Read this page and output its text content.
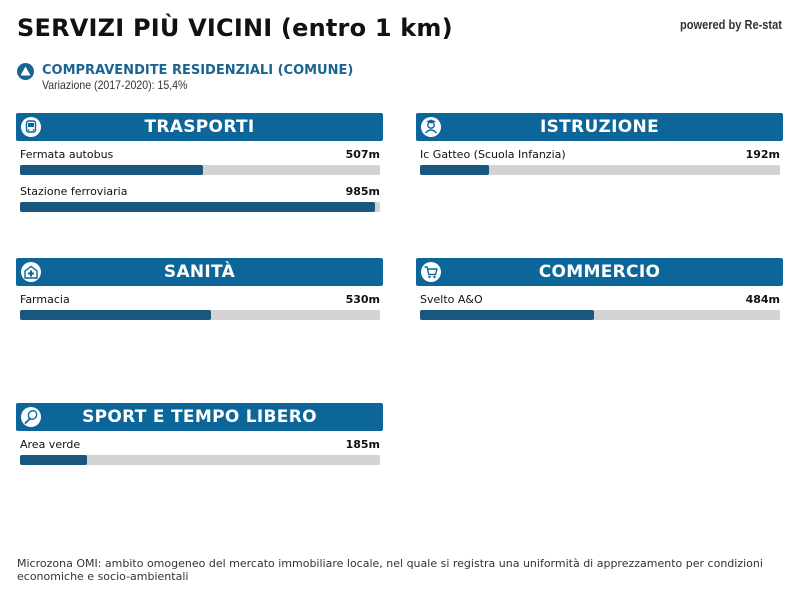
SERVIZI PIÙ VICINI (entro 1 km)	powered by Re-stat
COMPRAVENDITE RESIDENZIALI (COMUNE)
Variazione (2017-2020): 15,4%
TRASPORTI
Fermata autobus	507m
Stazione ferroviaria	985m
ISTRUZIONE
Ic Gatteo (Scuola Infanzia)	192m
SANITÀ
Farmacia	530m
COMMERCIO
Svelto A&O	484m
SPORT E TEMPO LIBERO
Area verde	185m
Microzona OMI: ambito omogeneo del mercato immobiliare locale, nel quale si registra una uniformità di apprezzamento per condizioni economiche e socio-ambientali
